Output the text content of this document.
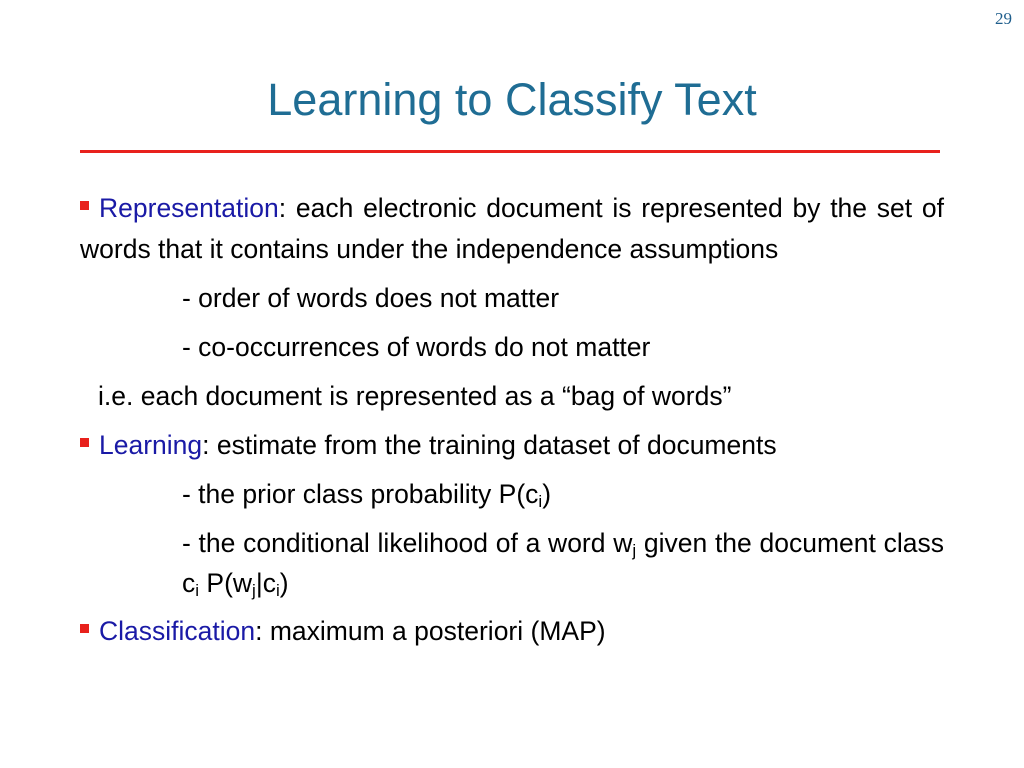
29
Learning to Classify Text
Representation: each electronic document is represented by the set of words that it contains under the independence assumptions
- order of words does not matter
- co-occurrences of words do not matter
i.e. each document is represented as a “bag of words”
Learning: estimate from the training dataset of documents
- the prior class probability $P(c_i)$
- the conditional likelihood of a word $w_j$ given the document class $c_i$ $P(w_j|c_i)$
Classification: maximum a posteriori (MAP)
